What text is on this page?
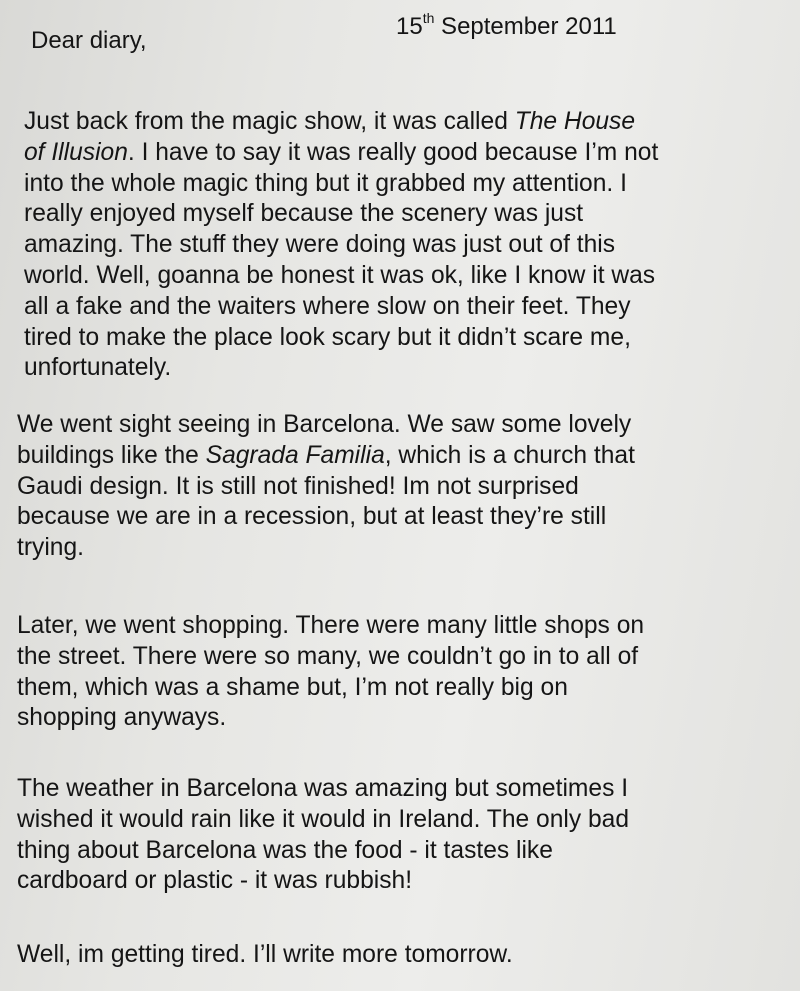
Dear diary,
15th September 2011
Just back from the magic show, it was called The House
of Illusion. I have to say it was really good because I’m not
into the whole magic thing but it grabbed my attention. I
really enjoyed myself because the scenery was just
amazing. The stuff they were doing was just out of this
world. Well, goanna be honest it was ok, like I know it was
all a fake and the waiters where slow on their feet. They
tired to make the place look scary but it didn’t scare me,
unfortunately.
We went sight seeing in Barcelona. We saw some lovely
buildings like the Sagrada Familia, which is a church that
Gaudi design. It is still not finished! Im not surprised
because we are in a recession, but at least they’re still
trying.
Later, we went shopping. There were many little shops on
the street. There were so many, we couldn’t go in to all of
them, which was a shame but, I’m not really big on
shopping anyways.
The weather in Barcelona was amazing but sometimes I
wished it would rain like it would in Ireland. The only bad
thing about Barcelona was the food - it tastes like
cardboard or plastic - it was rubbish!
Well, im getting tired. I’ll write more tomorrow.
